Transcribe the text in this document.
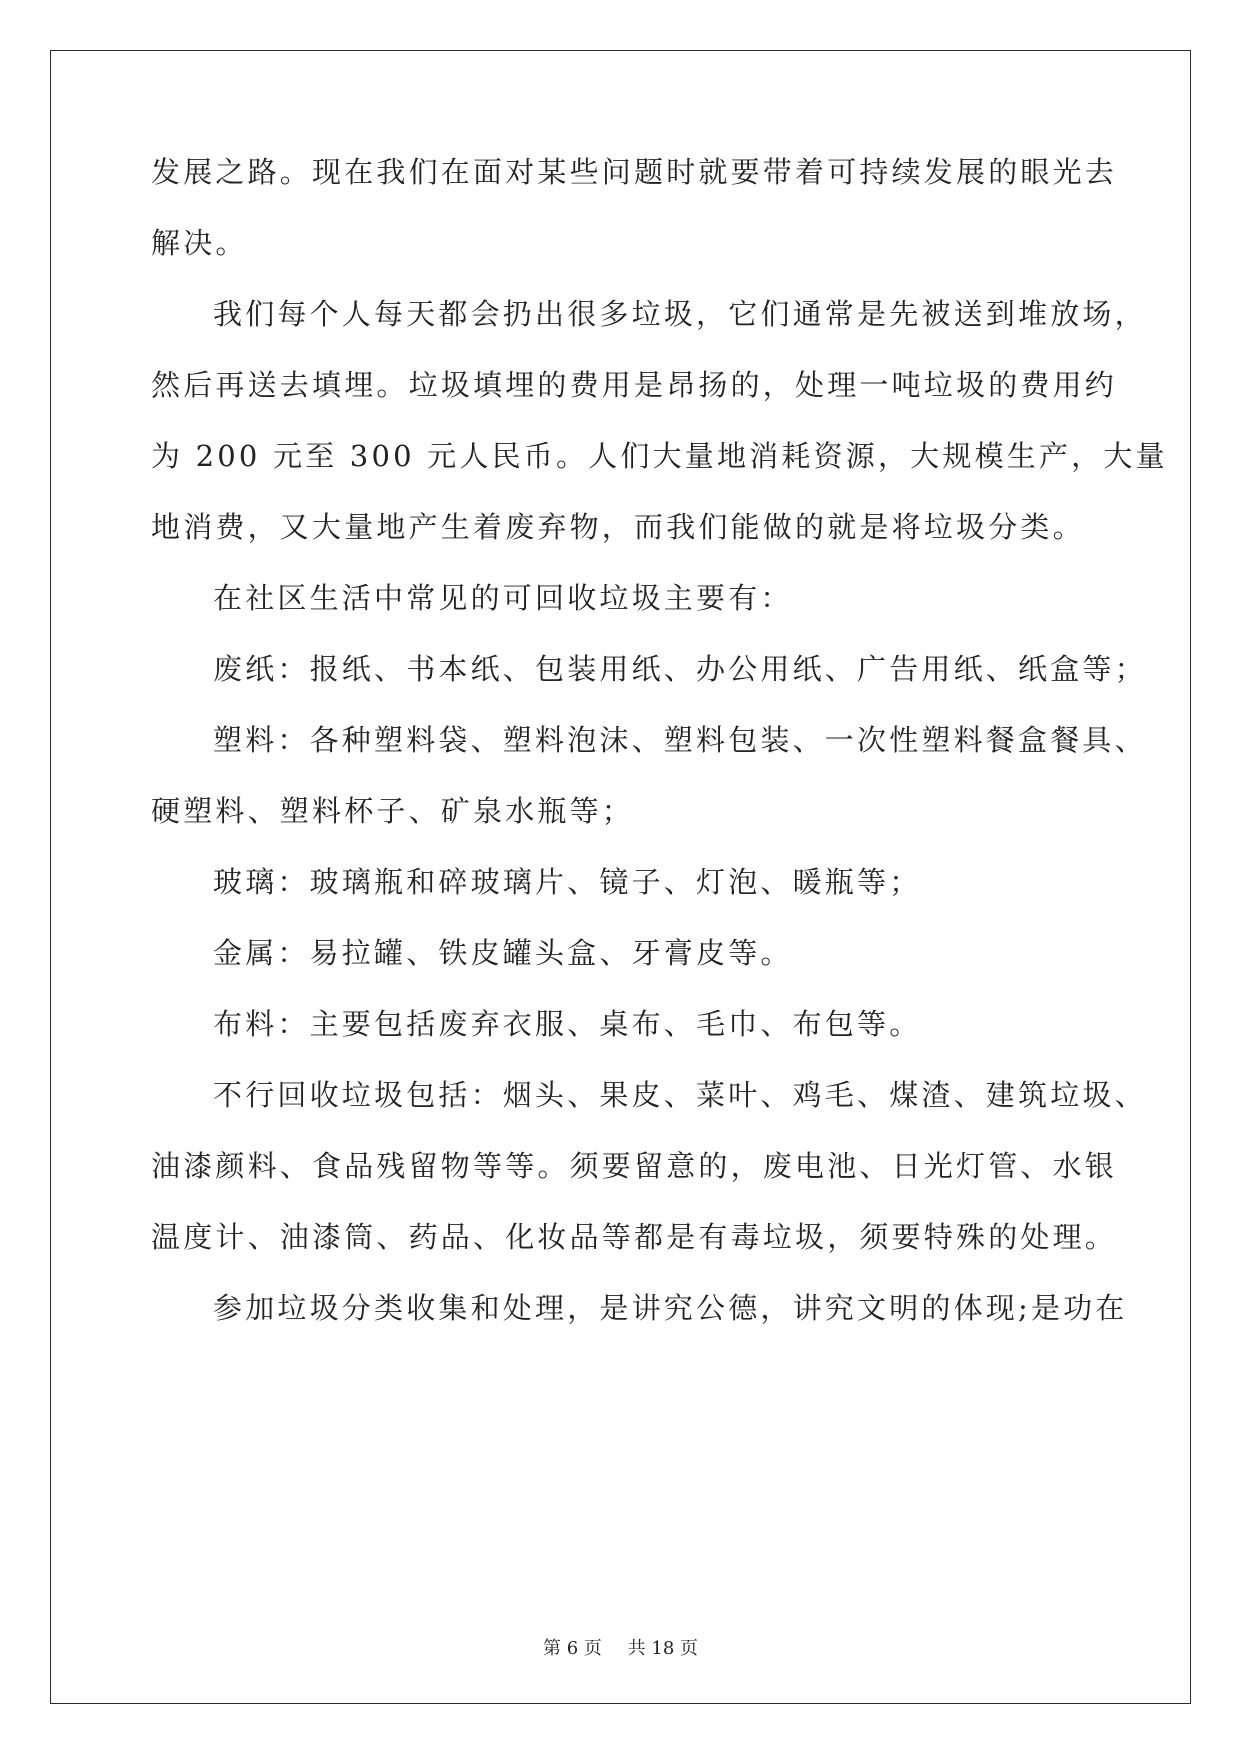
发展之路。现在我们在面对某些问题时就要带着可持续发展的眼光去
解决。
我们每个人每天都会扔出很多垃圾，它们通常是先被送到堆放场，
然后再送去填埋。垃圾填埋的费用是昂扬的，处理一吨垃圾的费用约
为 200 元至 300 元人民币。人们大量地消耗资源，大规模生产，大量
地消费，又大量地产生着废弃物，而我们能做的就是将垃圾分类。
在社区生活中常见的可回收垃圾主要有：
废纸：报纸、书本纸、包装用纸、办公用纸、广告用纸、纸盒等；
塑料：各种塑料袋、塑料泡沫、塑料包装、一次性塑料餐盒餐具、
硬塑料、塑料杯子、矿泉水瓶等；
玻璃：玻璃瓶和碎玻璃片、镜子、灯泡、暖瓶等；
金属：易拉罐、铁皮罐头盒、牙膏皮等。
布料：主要包括废弃衣服、桌布、毛巾、布包等。
不行回收垃圾包括：烟头、果皮、菜叶、鸡毛、煤渣、建筑垃圾、
油漆颜料、食品残留物等等。须要留意的，废电池、日光灯管、水银
温度计、油漆筒、药品、化妆品等都是有毒垃圾，须要特殊的处理。
参加垃圾分类收集和处理，是讲究公德，讲究文明的体现;是功在
第 6 页 共 18 页
